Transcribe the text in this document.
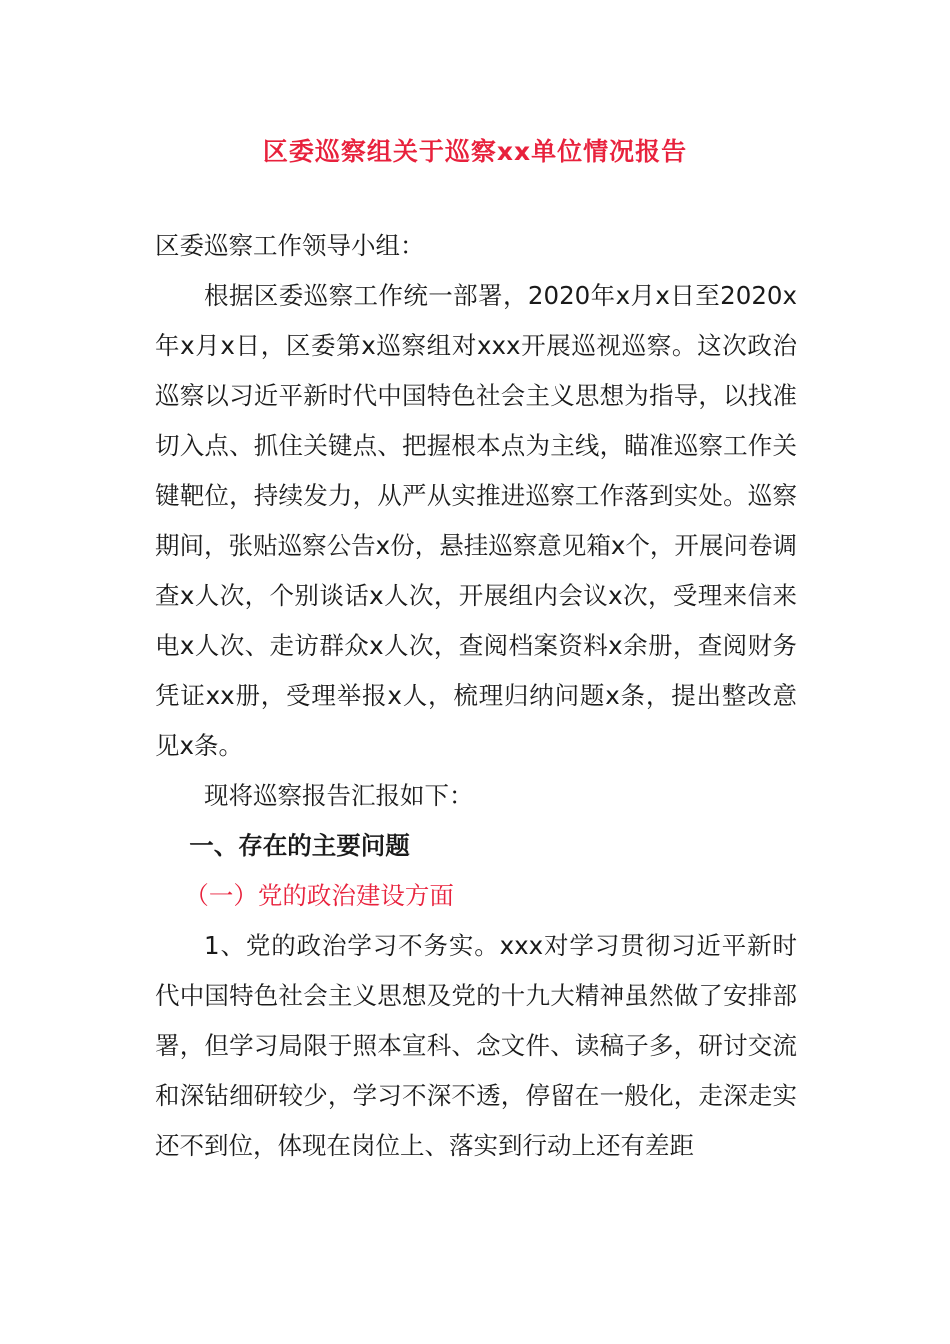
区委巡察组关于巡察xx单位情况报告
区委巡察工作领导小组：
根据区委巡察工作统一部署，2020年x月x日至2020x年x月x日，区委第x巡察组对xxx开展巡视巡察。这次政治巡察以习近平新时代中国特色社会主义思想为指导，以找准切入点、抓住关键点、把握根本点为主线，瞄准巡察工作关键靶位，持续发力，从严从实推进巡察工作落到实处。巡察期间，张贴巡察公告x份，悬挂巡察意见箱x个，开展问卷调查x人次，个别谈话x人次，开展组内会议x次，受理来信来电x人次、走访群众x人次，查阅档案资料x余册，查阅财务凭证xx册，受理举报x人，梳理归纳问题x条，提出整改意见x条。
现将巡察报告汇报如下：
一、存在的主要问题
（一）党的政治建设方面
1、党的政治学习不务实。xxx对学习贯彻习近平新时代中国特色社会主义思想及党的十九大精神虽然做了安排部署，但学习局限于照本宣科、念文件、读稿子多，研讨交流和深钻细研较少，学习不深不透，停留在一般化，走深走实还不到位，体现在岗位上、落实到行动上还有差距
